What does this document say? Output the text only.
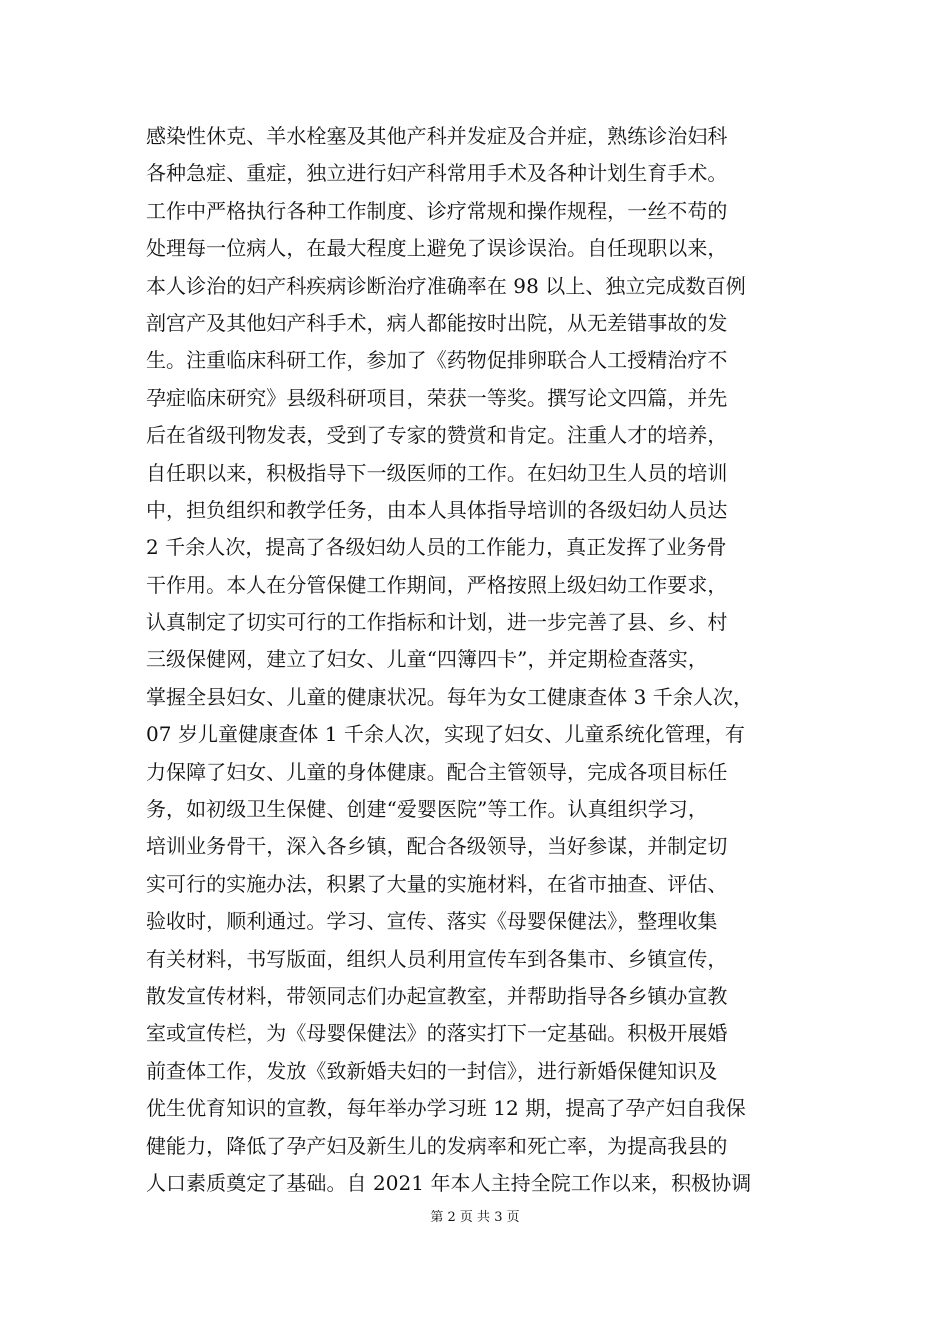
感染性休克、羊水栓塞及其他产科并发症及合并症，熟练诊治妇科
各种急症、重症，独立进行妇产科常用手术及各种计划生育手术。
工作中严格执行各种工作制度、诊疗常规和操作规程，一丝不苟的
处理每一位病人，在最大程度上避免了误诊误治。自任现职以来，
本人诊治的妇产科疾病诊断治疗准确率在 98 以上、独立完成数百例
剖宫产及其他妇产科手术，病人都能按时出院，从无差错事故的发
生。注重临床科研工作，参加了《药物促排卵联合人工授精治疗不
孕症临床研究》县级科研项目，荣获一等奖。撰写论文四篇，并先
后在省级刊物发表，受到了专家的赞赏和肯定。注重人才的培养，
自任职以来，积极指导下一级医师的工作。在妇幼卫生人员的培训
中，担负组织和教学任务，由本人具体指导培训的各级妇幼人员达
2 千余人次，提高了各级妇幼人员的工作能力，真正发挥了业务骨
干作用。本人在分管保健工作期间，严格按照上级妇幼工作要求，
认真制定了切实可行的工作指标和计划，进一步完善了县、乡、村
三级保健网，建立了妇女、儿童“四簿四卡”，并定期检查落实，
掌握全县妇女、儿童的健康状况。每年为女工健康查体 3 千余人次，
07 岁儿童健康查体 1 千余人次，实现了妇女、儿童系统化管理，有
力保障了妇女、儿童的身体健康。配合主管领导，完成各项目标任
务，如初级卫生保健、创建“爱婴医院”等工作。认真组织学习，
培训业务骨干，深入各乡镇，配合各级领导，当好参谋，并制定切
实可行的实施办法，积累了大量的实施材料，在省市抽查、评估、
验收时，顺利通过。学习、宣传、落实《母婴保健法》，整理收集
有关材料，书写版面，组织人员利用宣传车到各集市、乡镇宣传，
散发宣传材料，带领同志们办起宣教室，并帮助指导各乡镇办宣教
室或宣传栏，为《母婴保健法》的落实打下一定基础。积极开展婚
前查体工作，发放《致新婚夫妇的一封信》，进行新婚保健知识及
优生优育知识的宣教，每年举办学习班 12 期，提高了孕产妇自我保
健能力，降低了孕产妇及新生儿的发病率和死亡率，为提高我县的
人口素质奠定了基础。自 2021 年本人主持全院工作以来，积极协调
第 2 页 共 3 页
